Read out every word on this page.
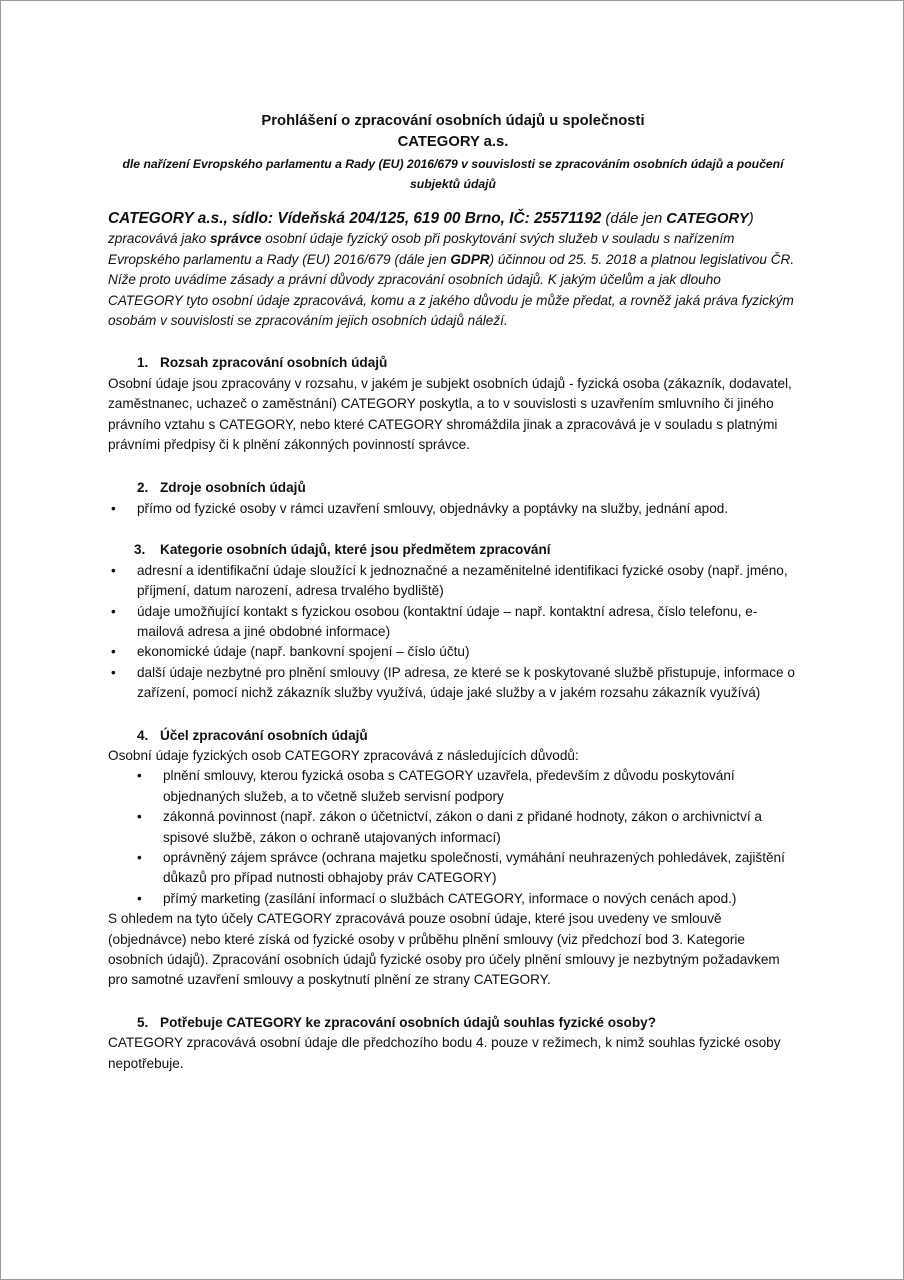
Prohlášení o zpracování osobních údajů u společnosti

CATEGORY a.s.

dle nařízení Evropského parlamentu a Rady (EU) 2016/679 v souvislosti se zpracováním osobních údajů a poučení subjektů údajů

CATEGORY a.s., sídlo: Vídeňská 204/125, 619 00 Brno, IČ: 25571192 (dále jen CATEGORY) zpracovává jako správce osobní údaje fyzický osob při poskytování svých služeb v souladu s nařízením Evropského parlamentu a Rady (EU) 2016/679 (dále jen GDPR) účinnou od 25. 5. 2018 a platnou legislativou ČR. Níže proto uvádíme zásady a právní důvody zpracování osobních údajů. K jakým účelům a jak dlouho CATEGORY tyto osobní údaje zpracovává, komu a z jakého důvodu je může předat, a rovněž jaká práva fyzickým osobám v souvislosti se zpracováním jejich osobních údajů náleží.
1. Rozsah zpracování osobních údajů

Osobní údaje jsou zpracovány v rozsahu, v jakém je subjekt osobních údajů - fyzická osoba (zákazník, dodavatel, zaměstnanec, uchazeč o zaměstnání) CATEGORY poskytla, a to v souvislosti s uzavřením smluvního či jiného právního vztahu s CATEGORY, nebo které CATEGORY shromáždila jinak a zpracovává je v souladu s platnými právními předpisy či k plnění zákonných povinností správce.

2. Zdroje osobních údajů
• přímo od fyzické osoby v rámci uzavření smlouvy, objednávky a poptávky na služby, jednání apod.
3.	Kategorie osobních údajů, které jsou předmětem zpracování
• adresní a identifikační údaje sloužící k jednoznačné a nezaměnitelné identifikaci fyzické osoby (např. jméno, příjmení, datum narození, adresa trvalého bydliště)
• údaje umožňující kontakt s fyzickou osobou (kontaktní údaje – např. kontaktní adresa, číslo telefonu, e-mailová adresa a jiné obdobné informace)
• ekonomické údaje (např. bankovní spojení – číslo účtu)
• další údaje nezbytné pro plnění smlouvy (IP adresa, ze které se k poskytované službě přistupuje, informace o zařízení, pomocí nichž zákazník služby využívá, údaje jaké služby a v jakém rozsahu zákazník využívá)
4. Účel zpracování osobních údajů

Osobní údaje fyzických osob CATEGORY zpracovává z následujících důvodů:

• plnění smlouvy, kterou fyzická osoba s CATEGORY uzavřela, především z důvodu poskytování objednaných služeb, a to včetně služeb servisní podpory
• zákonná povinnost (např. zákon o účetnictví, zákon o dani z přidané hodnoty, zákon o archivnictví a spisové službě, zákon o ochraně utajovaných informací)
• oprávněný zájem správce (ochrana majetku společnosti, vymáhání neuhrazených pohledávek, zajištění důkazů pro případ nutnosti obhajoby práv CATEGORY)
• přímý marketing (zasílání informací o službách CATEGORY, informace o nových cenách apod.)

S ohledem na tyto účely CATEGORY zpracovává pouze osobní údaje, které jsou uvedeny ve smlouvě (objednávce) nebo které získá od fyzické osoby v průběhu plnění smlouvy (viz předchozí bod 3. Kategorie osobních údajů). Zpracování osobních údajů fyzické osoby pro účely plnění smlouvy je nezbytným požadavkem pro samotné uzavření smlouvy a poskytnutí plnění ze strany CATEGORY.

5. Potřebuje CATEGORY ke zpracování osobních údajů souhlas fyzické osoby?

CATEGORY zpracovává osobní údaje dle předchozího bodu 4. pouze v režimech, k nimž souhlas fyzické osoby nepotřebuje.
